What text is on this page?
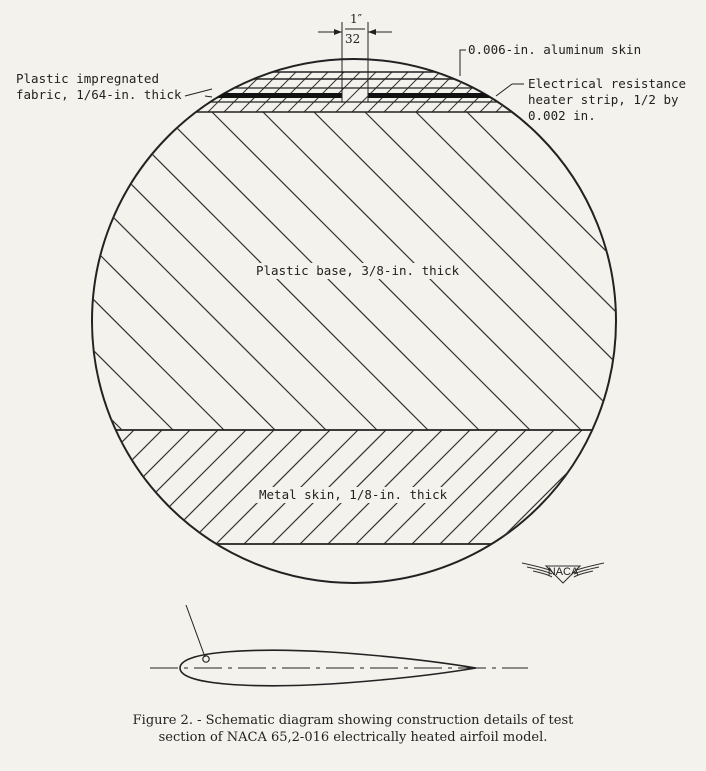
NACA
1″
32
0.006-in. aluminum skin
Plastic impregnated
fabric, 1/64-in. thick
Electrical resistance
heater strip, 1/2 by
0.002 in.
Plastic base, 3/8-in. thick
Metal skin, 1/8-in. thick
Figure 2. - Schematic diagram showing construction details of test
section of NACA 65,2-016 electrically heated airfoil model.
